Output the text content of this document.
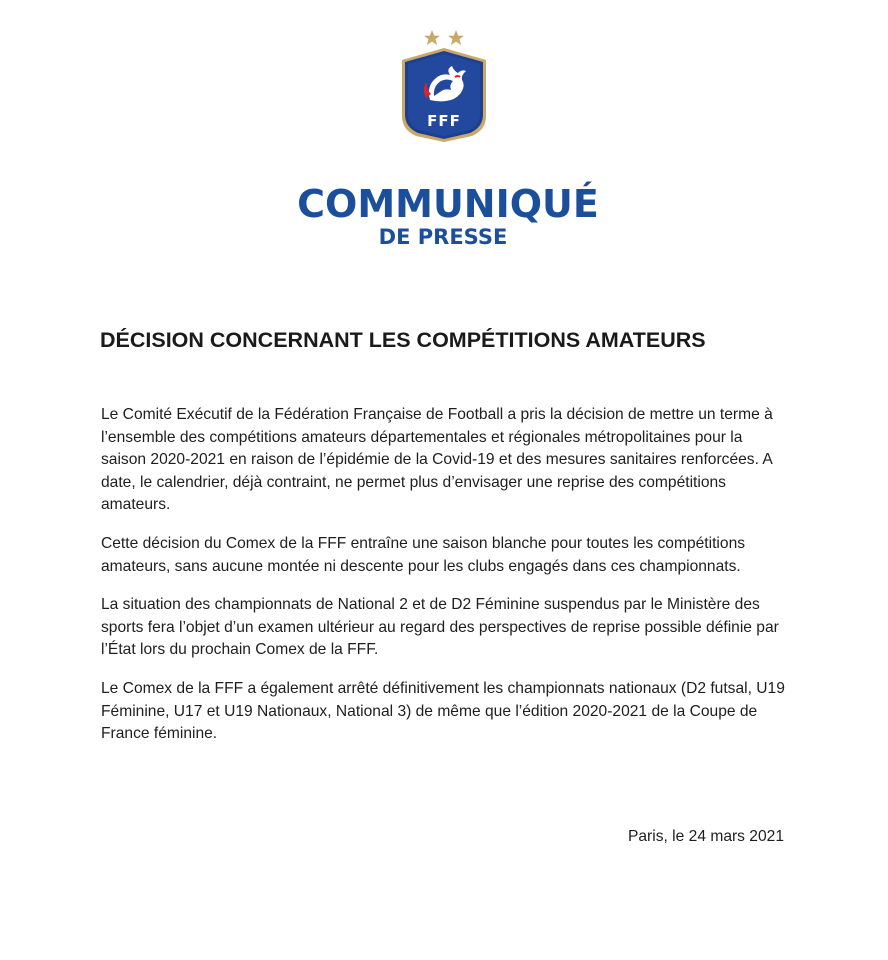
FFF
COMMUNIQUÉ
DE PRESSE
DÉCISION CONCERNANT LES COMPÉTITIONS AMATEURS

Le Comité Exécutif de la Fédération Française de Football a pris la décision de mettre un terme à l’ensemble des compétitions amateurs départementales et régionales métropolitaines pour la saison 2020-2021 en raison de l’épidémie de la Covid-19 et des mesures sanitaires renforcées. A date, le calendrier, déjà contraint, ne permet plus d’envisager une reprise des compétitions amateurs.

Cette décision du Comex de la FFF entraîne une saison blanche pour toutes les compétitions amateurs, sans aucune montée ni descente pour les clubs engagés dans ces championnats.

La situation des championnats de National 2 et de D2 Féminine suspendus par le Ministère des sports fera l’objet d’un examen ultérieur au regard des perspectives de reprise possible définie par l’État lors du prochain Comex de la FFF.

Le Comex de la FFF a également arrêté définitivement les championnats nationaux (D2 futsal, U19 Féminine, U17 et U19 Nationaux, National 3) de même que l’édition 2020-2021 de la Coupe de France féminine.

Paris, le 24 mars 2021
